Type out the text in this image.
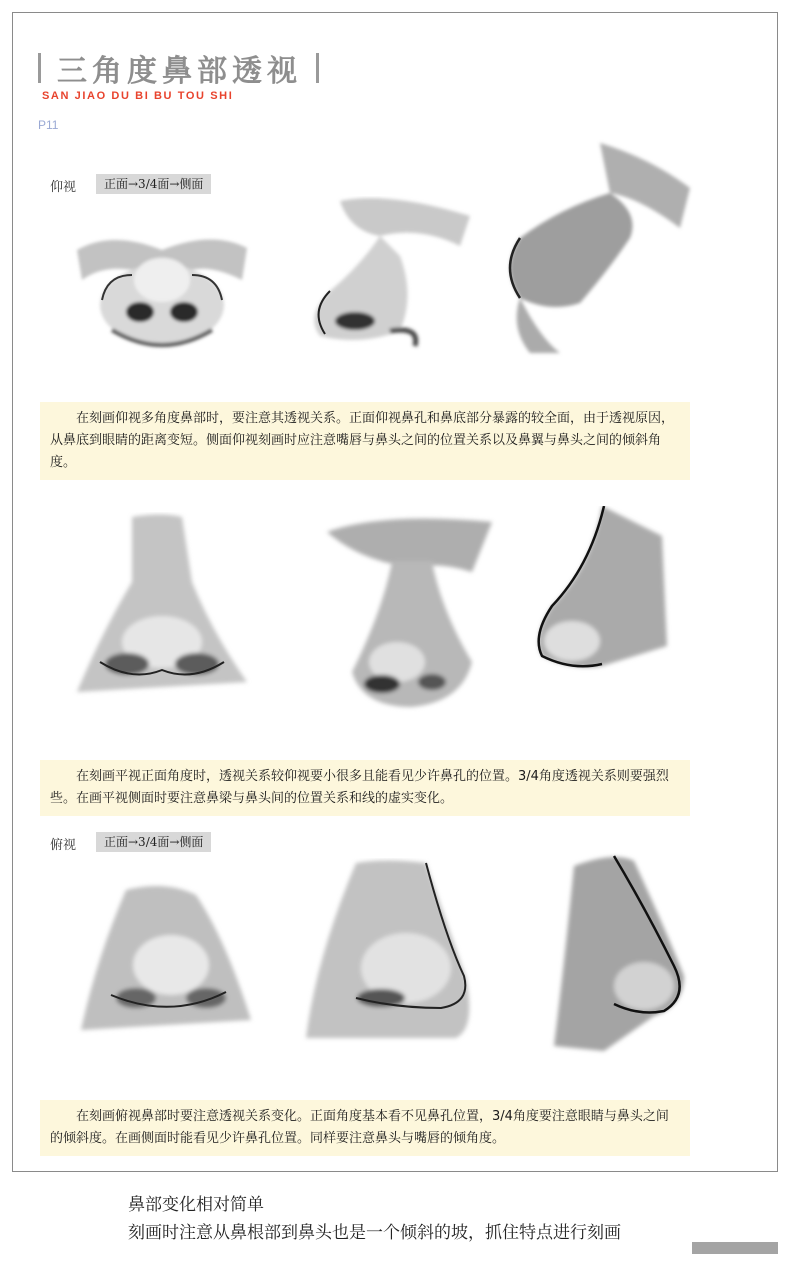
三角度鼻部透视
SAN JIAO DU BI BU TOU SHI
P11
仰视	正面→3/4面→侧面
在刻画仰视多角度鼻部时，要注意其透视关系。正面仰视鼻孔和鼻底部分暴露的较全面，由于透视原因，从鼻底到眼睛的距离变短。侧面仰视刻画时应注意嘴唇与鼻头之间的位置关系以及鼻翼与鼻头之间的倾斜角度。
在刻画平视正面角度时，透视关系较仰视要小很多且能看见少许鼻孔的位置。3/4角度透视关系则要强烈些。在画平视侧面时要注意鼻梁与鼻头间的位置关系和线的虚实变化。
俯视	正面→3/4面→侧面
在刻画俯视鼻部时要注意透视关系变化。正面角度基本看不见鼻孔位置，3/4角度要注意眼睛与鼻头之间的倾斜度。在画侧面时能看见少许鼻孔位置。同样要注意鼻头与嘴唇的倾角度。
鼻部变化相对简单
刻画时注意从鼻根部到鼻头也是一个倾斜的坡，抓住特点进行刻画
